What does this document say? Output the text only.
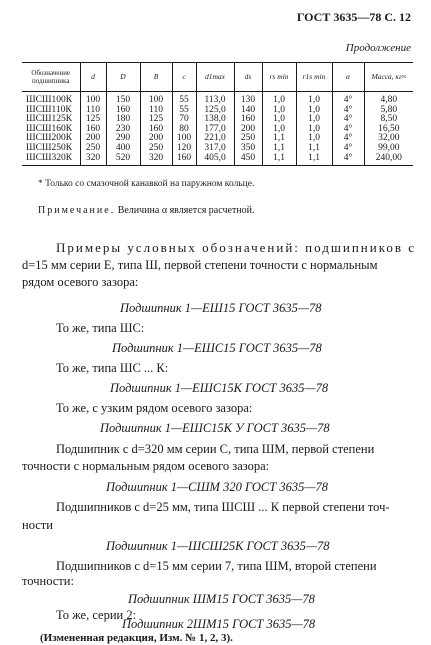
ГОСТ 3635—78 С. 12
Продолжение
Обозначение подшипника	d	D	B	c	d1max	ds	rs min	r1s min	α	Масса, кг≈
ШСШ100К	100	150	100	55	113,0	130	1,0	1,0	4°	4,80
ШСШ110К	110	160	110	55	125,0	140	1,0	1,0	4°	5,80
ШСШ125К	125	180	125	70	138,0	160	1,0	1,0	4°	8,50
ШСШ160К	160	230	160	80	177,0	200	1,0	1,0	4°	16,50
ШСШ200К	200	290	200	100	221,0	250	1,1	1,0	4°	32,00
ШСШ250К	250	400	250	120	317,0	350	1,1	1,1	4°	99,00
ШСШ320К	320	520	320	160	405,0	450	1,1	1,1	4°	240,00
* Только со смазочной канавкой на паружном кольце.
Примечание. Величина α является расчетной.
Примеры условных обозначений: подшипников с
d=15 мм серии Е, типа Ш, первой степени точности с нормальным
рядом осевого зазора:
Подшипник 1—ЕШ15 ГОСТ 3635—78
То же, типа ШС:
Подшипник 1—ЕШС15 ГОСТ 3635—78
То же, типа ШС ... К:
Подшипник 1—ЕШС15К ГОСТ 3635—78
То же, с узким рядом осевого зазора:
Подшипник 1—ЕШС15К У ГОСТ 3635—78
Подшипник с d=320 мм серии С, типа ШМ, первой степени
точности с нормальным рядом осевого зазора:
Подшипник 1—СШМ 320 ГОСТ 3635—78
Подшипников с d=25 мм, типа ШСШ ... К первой степени точ-
ности
Подшипник 1—ШСШ25К ГОСТ 3635—78
Подшипников с d=15 мм серии 7, типа ШМ, второй степени
точности:
Подшипник ШМ15 ГОСТ 3635—78
То же, серии 2:
Подшипник 2ШМ15 ГОСТ 3635—78
(Измененная редакция, Изм. № 1, 2, 3).
